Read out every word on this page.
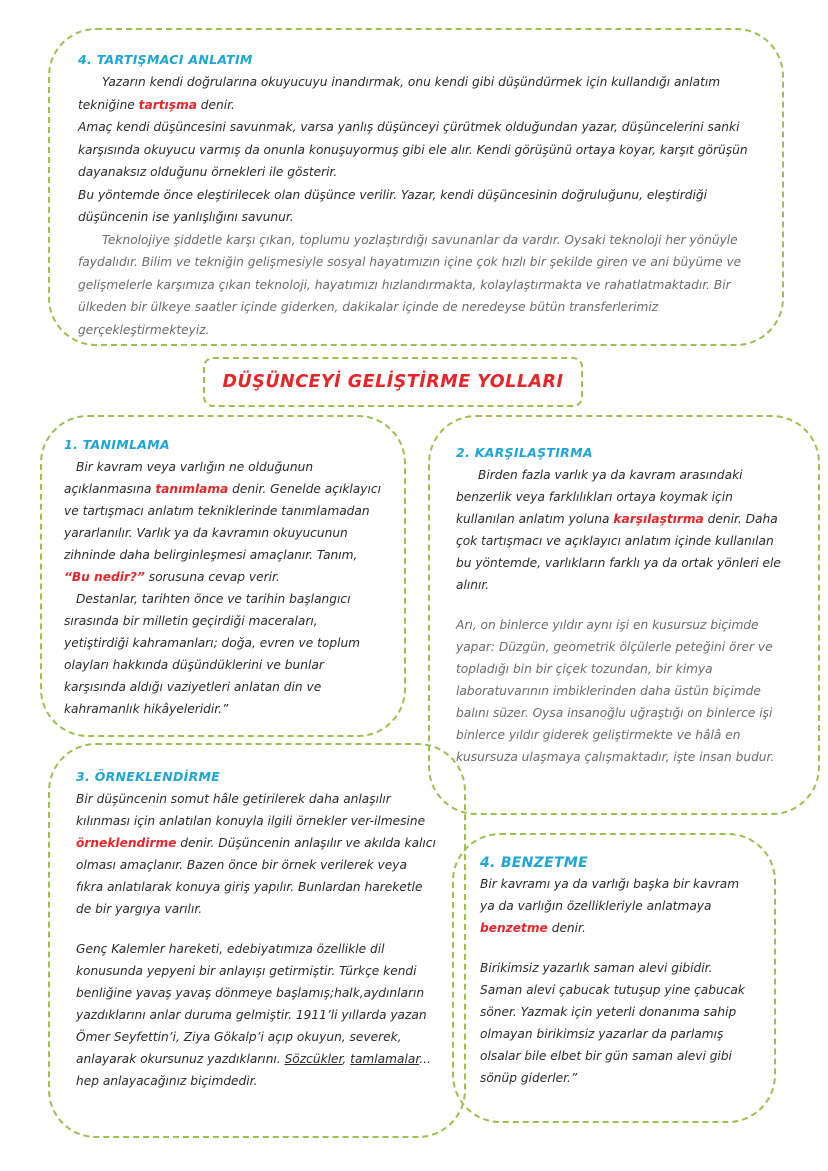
4. TARTIŞMACI ANLATIM

Yazarın kendi doğrularına okuyucuyu inandırmak, onu kendi gibi düşündürmek için kullandığı anlatım tekniğine tartışma denir.

Amaç kendi düşüncesini savunmak, varsa yanlış düşünceyi çürütmek olduğundan yazar, düşüncelerini sanki karşısında okuyucu varmış da onunla konuşuyormuş gibi ele alır. Kendi görüşünü ortaya koyar, karşıt görüşün dayanaksız olduğunu örnekleri ile gösterir.

Bu yöntemde önce eleştirilecek olan düşünce verilir. Yazar, kendi düşüncesinin doğruluğunu, eleştirdiği düşüncenin ise yanlışlığını savunur.

Teknolojiye şiddetle karşı çıkan, toplumu yozlaştırdığı savunanlar da vardır. Oysaki teknoloji her yönüyle faydalıdır. Bilim ve tekniğin gelişmesiyle sosyal hayatımızın içine çok hızlı bir şekilde giren ve ani büyüme ve gelişmelerle karşımıza çıkan teknoloji, hayatımızı hızlandırmakta, kolaylaştırmakta ve rahatlatmaktadır. Bir ülkeden bir ülkeye saatler içinde giderken, dakikalar içinde de neredeyse bütün transferlerimiz gerçekleştirmekteyiz.

DÜŞÜNCEYİ GELİŞTİRME YOLLARI
1. TANIMLAMA

Bir kavram veya varlığın ne olduğunun açıklanmasına tanımlama denir. Genelde açıklayıcı ve tartışmacı anlatım tekniklerinde tanımlamadan yararlanılır. Varlık ya da kavramın okuyucunun zihninde daha belirginleşmesi amaçlanır. Tanım, “Bu nedir?” sorusuna cevap verir.

Destanlar, tarihten önce ve tarihin başlangıcı sırasında bir milletin geçirdiği maceraları, yetiştirdiği kahramanları; doğa, evren ve toplum olayları hakkında düşündüklerini ve bunlar karşısında aldığı vaziyetleri anlatan din ve kahramanlık hikâyeleridir.”

2. KARŞILAŞTIRMA

Birden fazla varlık ya da kavram arasındaki benzerlik veya farklılıkları ortaya koymak için kullanılan anlatım yoluna karşılaştırma denir. Daha çok tartışmacı ve açıklayıcı anlatım içinde kullanılan bu yöntemde, varlıkların farklı ya da ortak yönleri ele alınır.

Arı, on binlerce yıldır aynı işi en kusursuz biçimde yapar: Düzgün, geometrik ölçülerle peteğini örer ve topladığı bin bir çiçek tozundan, bir kimya laboratuvarının imbiklerinden daha üstün biçimde balını süzer. Oysa insanoğlu uğraştığı on binlerce işi binlerce yıldır giderek geliştirmekte ve hâlâ en kusursuza ulaşmaya çalışmaktadır, işte insan budur.

3. ÖRNEKLENDİRME

Bir düşüncenin somut hâle getirilerek daha anlaşılır kılınması için anlatılan konuyla ilgili örnekler ver-ilmesine örneklendirme denir. Düşüncenin anlaşılır ve akılda kalıcı olması amaçlanır. Bazen önce bir örnek verilerek veya fıkra anlatılarak konuya giriş yapılır. Bunlardan hareketle de bir yargıya varılır.

Genç Kalemler hareketi, edebiyatımıza özellikle dil konusunda yepyeni bir anlayışı getirmiştir. Türkçe kendi benliğine yavaş yavaş dönmeye başlamış;halk,aydınların yazdıklarını anlar duruma gelmiştir. 1911’li yıllarda yazan Ömer Seyfettin’i, Ziya Gökalp’i açıp okuyun, severek, anlayarak okursunuz yazdıklarını. Sözcükler, tamlamalar... hep anlayacağınız biçimdedir.

4. BENZETME

Bir kavramı ya da varlığı başka bir kavram ya da varlığın özellikleriyle anlatmaya benzetme denir.

Birikimsiz yazarlık saman alevi gibidir. Saman alevi çabucak tutuşup yine çabucak söner. Yazmak için yeterli donanıma sahip olmayan birikimsiz yazarlar da parlamış olsalar bile elbet bir gün saman alevi gibi sönüp giderler.”
